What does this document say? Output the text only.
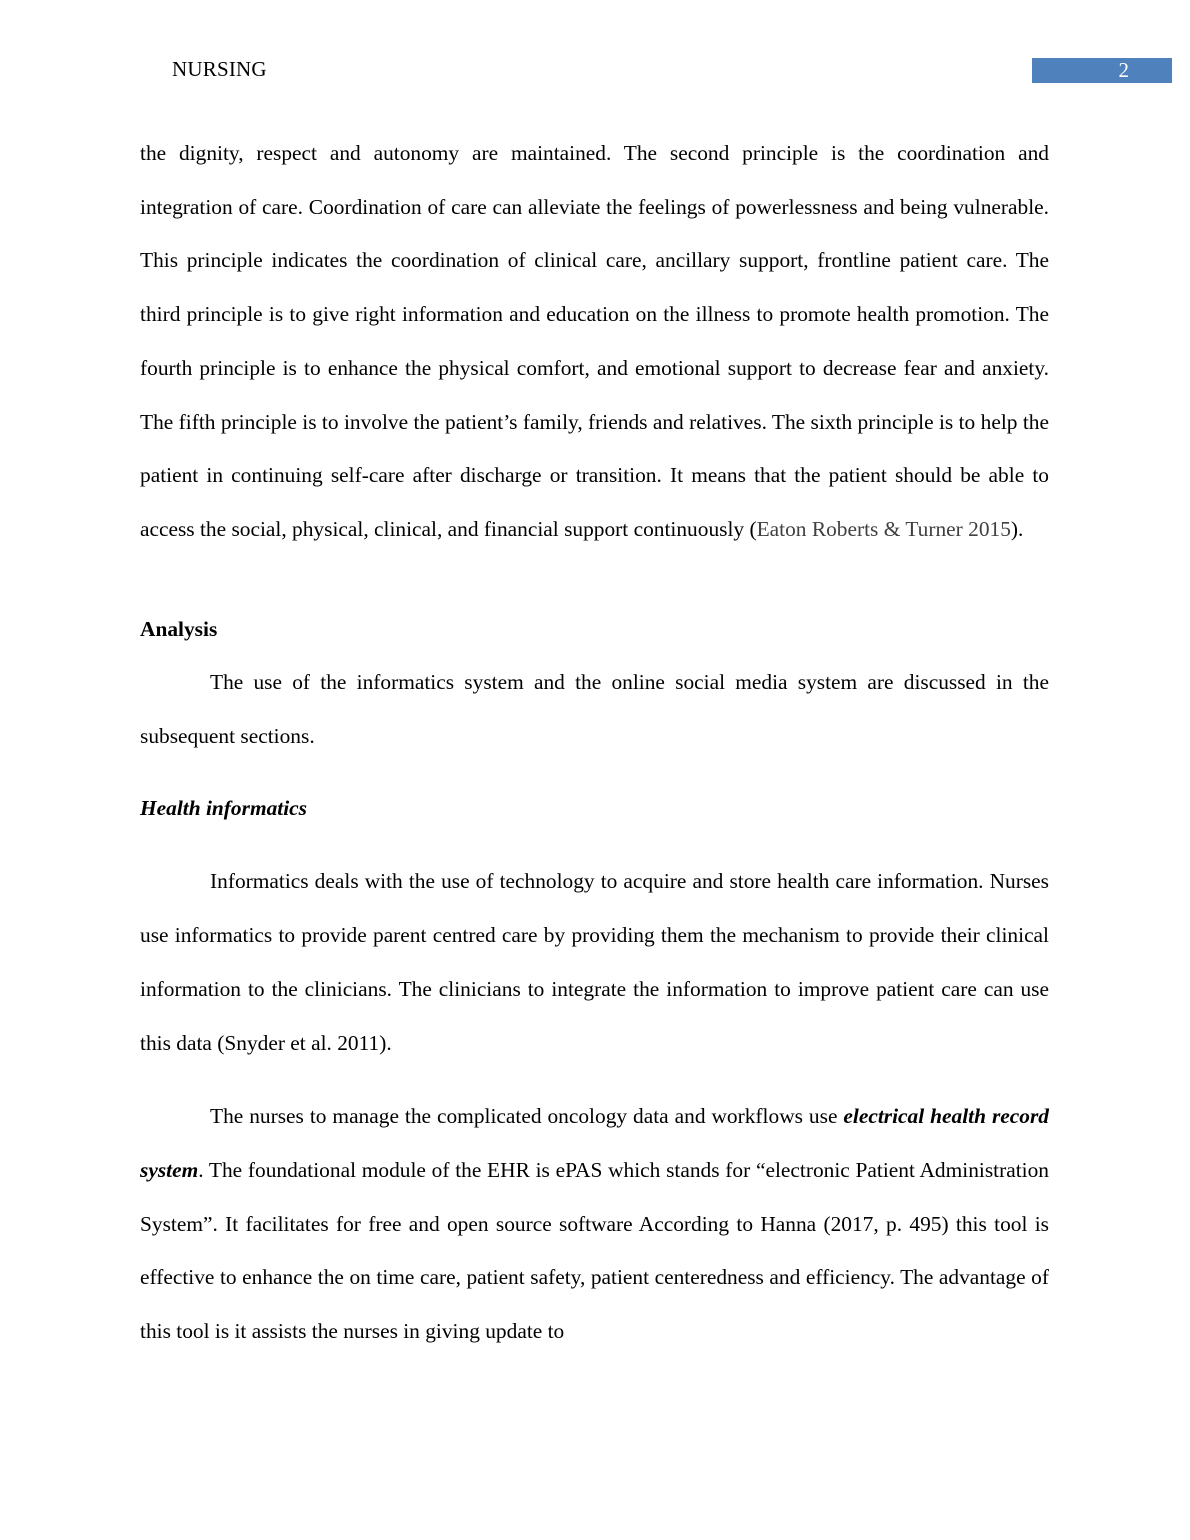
NURSING	2

the dignity, respect and autonomy are maintained. The second principle is the coordination and integration of care. Coordination of care can alleviate the feelings of powerlessness and being vulnerable. This principle indicates the coordination of clinical care, ancillary support, frontline patient care. The third principle is to give right information and education on the illness to promote health promotion. The fourth principle is to enhance the physical comfort, and emotional support to decrease fear and anxiety. The fifth principle is to involve the patient’s family, friends and relatives. The sixth principle is to help the patient in continuing self-care after discharge or transition. It means that the patient should be able to access the social, physical, clinical, and financial support continuously (Eaton Roberts & Turner 2015).

Analysis

The use of the informatics system and the online social media system are discussed in the subsequent sections.

Health informatics

Informatics deals with the use of technology to acquire and store health care information. Nurses use informatics to provide parent centred care by providing them the mechanism to provide their clinical information to the clinicians. The clinicians to integrate the information to improve patient care can use this data (Snyder et al. 2011).

The nurses to manage the complicated oncology data and workflows use electrical health record system. The foundational module of the EHR is ePAS which stands for “electronic Patient Administration System”. It facilitates for free and open source software According to Hanna (2017, p. 495) this tool is effective to enhance the on time care, patient safety, patient centeredness and efficiency. The advantage of this tool is it assists the nurses in giving update to
